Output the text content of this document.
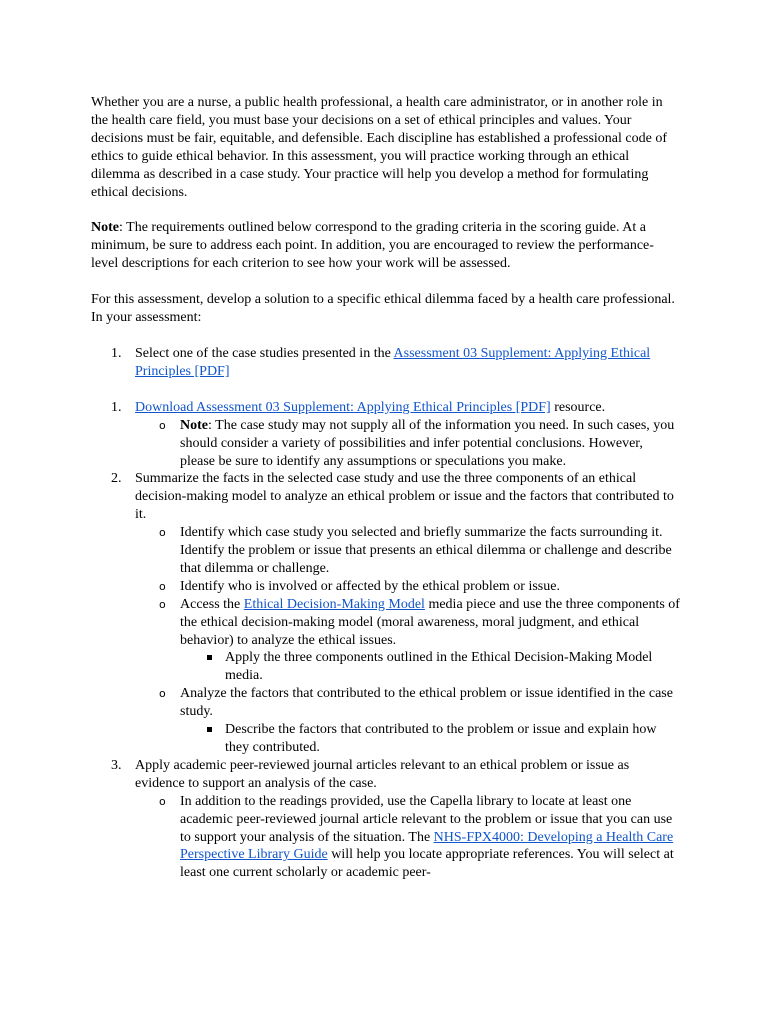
Whether you are a nurse, a public health professional, a health care administrator, or in another role in the health care field, you must base your decisions on a set of ethical principles and values. Your decisions must be fair, equitable, and defensible. Each discipline has established a professional code of ethics to guide ethical behavior. In this assessment, you will practice working through an ethical dilemma as described in a case study. Your practice will help you develop a method for formulating ethical decisions.

Note: The requirements outlined below correspond to the grading criteria in the scoring guide. At a minimum, be sure to address each point. In addition, you are encouraged to review the performance-level descriptions for each criterion to see how your work will be assessed.

For this assessment, develop a solution to a specific ethical dilemma faced by a health care professional. In your assessment:

1. Select one of the case studies presented in the Assessment 03 Supplement: Applying Ethical Principles [PDF]
1. Download Assessment 03 Supplement: Applying Ethical Principles [PDF] resource.
o Note: The case study may not supply all of the information you need. In such cases, you should consider a variety of possibilities and infer potential conclusions. However, please be sure to identify any assumptions or speculations you make.
2. Summarize the facts in the selected case study and use the three components of an ethical decision-making model to analyze an ethical problem or issue and the factors that contributed to it.
o Identify which case study you selected and briefly summarize the facts surrounding it. Identify the problem or issue that presents an ethical dilemma or challenge and describe that dilemma or challenge.
o Identify who is involved or affected by the ethical problem or issue.
o Access the Ethical Decision-Making Model media piece and use the three components of the ethical decision-making model (moral awareness, moral judgment, and ethical behavior) to analyze the ethical issues.
Apply the three components outlined in the Ethical Decision-Making Model media.
o Analyze the factors that contributed to the ethical problem or issue identified in the case study.
Describe the factors that contributed to the problem or issue and explain how they contributed.
3. Apply academic peer-reviewed journal articles relevant to an ethical problem or issue as evidence to support an analysis of the case.
o In addition to the readings provided, use the Capella library to locate at least one academic peer-reviewed journal article relevant to the problem or issue that you can use to support your analysis of the situation. The NHS-FPX4000: Developing a Health Care Perspective Library Guide will help you locate appropriate references. You will select at least one current scholarly or academic peer-
